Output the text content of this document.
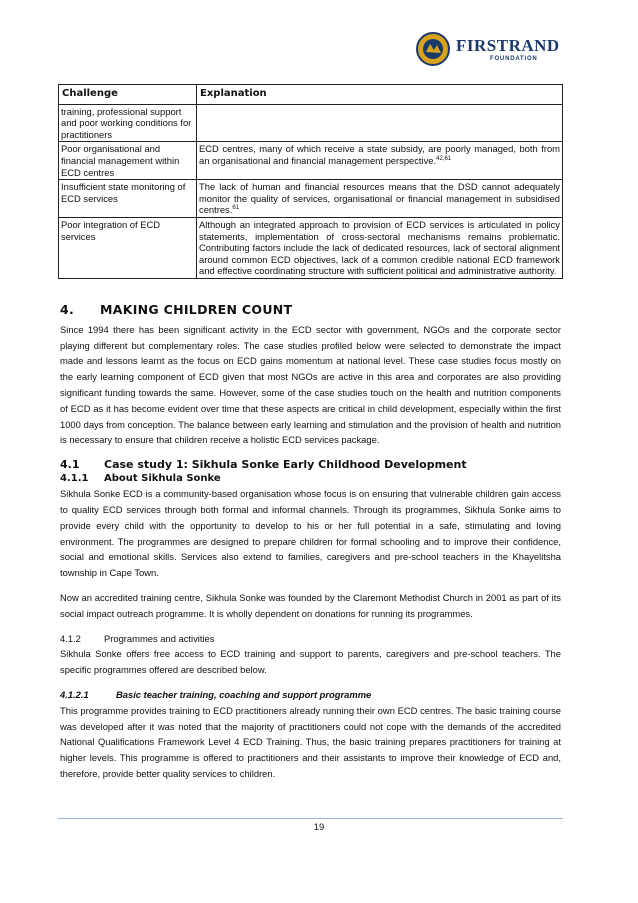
FIRSTRAND
FOUNDATION
Challenge	Explanation
training, professional support and poor working conditions for practitioners	
Poor organisational and financial management within ECD centres	ECD centres, many of which receive a state subsidy, are poorly managed, both from an organisational and financial management perspective.$^{42,61}$
Insufficient state monitoring of ECD services	The lack of human and financial resources means that the DSD cannot adequately monitor the quality of services, organisational or financial management in subsidised centres.$^{61}$
Poor integration of ECD services	Although an integrated approach to provision of ECD services is articulated in policy statements, implementation of cross-sectoral mechanisms remains problematic. Contributing factors include the lack of dedicated resources, lack of sectoral alignment around common ECD objectives, lack of a common credible national ECD framework and effective coordinating structure with sufficient political and administrative authority.
4.	MAKING CHILDREN COUNT

Since 1994 there has been significant activity in the ECD sector with government, NGOs and the corporate sector playing different but complementary roles. The case studies profiled below were selected to demonstrate the impact made and lessons learnt as the focus on ECD gains momentum at national level. These case studies focus mostly on the early learning component of ECD given that most NGOs are active in this area and corporates are also providing significant funding towards the same. However, some of the case studies touch on the health and nutrition components of ECD as it has become evident over time that these aspects are critical in child development, especially within the first 1000 days from conception. The balance between early learning and stimulation and the provision of health and nutrition is necessary to ensure that children receive a holistic ECD services package.

4.1	Case study 1: Sikhula Sonke Early Childhood Development
4.1.1	About Sikhula Sonke

Sikhula Sonke ECD is a community-based organisation whose focus is on ensuring that vulnerable children gain access to quality ECD services through both formal and informal channels. Through its programmes, Sikhula Sonke aims to provide every child with the opportunity to develop to his or her full potential in a safe, stimulating and loving environment. The programmes are designed to prepare children for formal schooling and to improve their confidence, social and emotional skills. Services also extend to families, caregivers and pre-school teachers in the Khayelitsha township in Cape Town.

Now an accredited training centre, Sikhula Sonke was founded by the Claremont Methodist Church in 2001 as part of its social impact outreach programme. It is wholly dependent on donations for running its programmes.

4.1.2	Programmes and activities

Sikhula Sonke offers free access to ECD training and support to parents, caregivers and pre-school teachers. The specific programmes offered are described below.

4.1.2.1	Basic teacher training, coaching and support programme

This programme provides training to ECD practitioners already running their own ECD centres. The basic training course was developed after it was noted that the majority of practitioners could not cope with the demands of the accredited National Qualifications Framework Level 4 ECD Training. Thus, the basic training prepares practitioners for training at higher levels. This programme is offered to practitioners and their assistants to improve their knowledge of ECD and, therefore, provide better quality services to children.

19
